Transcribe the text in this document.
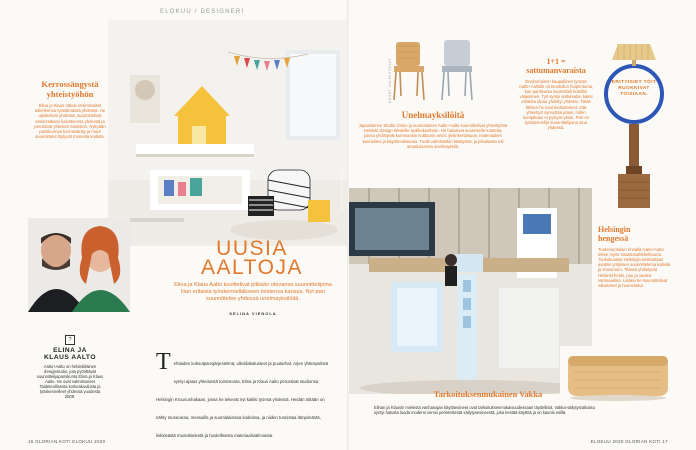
ELOKUU / DESIGNERI
Kerrossängystä
yhteistyöhön
Elina ja Klaus ottivat ensimmäiset askeleensa työelämässä yhdessä. He opiskelivat yhdessä, suunnittelivat ensimmäisen kalusteensa yhdessä ja perustivat yhteisen toimiston. Nykyään pariskunnan kerrossänky ja muut suunnittelut löytyvät monesta kodista.
KUVA JUHO KOSKI
?
ELINA JA
KLAUS AALTO
Aalto+Aalto on helsinkiläinen designstudio, jota pyörittävät suunnittelijapariskunta Elina ja Klaus Aalto. He ovat valmistuneet Taideteollisesta korkeakoulusta ja työskennelleet yhdessä vuodesta 2008.
UUSIA
AALTOJA
Elina ja Klaus Aalto kuvittelivat pitkään olevansa suunnittelijoina liian erilaisia työskennelläkseen toistensa kanssa. Nyt pari suunnittelee yhdessä unelmayksilöitä.
SELINA VIENOLA
T ehtaiden koksutpanojärjestelmä, ulkotilakalusteet ja puutarhat. Arjen yhteispelistä syntyi ajatus yhteisestä toimistosta. Elina ja Klaus Aalto perustivat studionsa Helsingin Kruununhakaan, jossa he tekevät nyt kaikki työnsä yhdessä. Heidän töitään on nähty museoissa, messuilla ja suomalaisissa kodeissa, ja niiden tunnistaa lämpimästä, leikkisästä muotokielestä ja huolellisesta materiaalivalinnasta.
16 GLORIAN KOTI ELOKUU 2020
KUVAT VALMISTAJAT
Unelmayksilöitä
Japanilainen Studio Onion ja suomalainen Aalto+Aalto suunnittelivat yhteistyönä Helsinki Design Weekille tuolikokoelman. He halusivat suunnitella tuotteita, joissa yhdistyvät kummankin kulttuurin arvot: yksinkertaisuus, materiaalien kunnioitus ja käyttömukavuus. Tuolit valmistettiin käsityönä, ja jokaisesta tuli omanlaisensa unelmayksilö.
1+1 =
sattumanvaraista
Ensimmäinen kaupallinen työnsä Aalto+Aallolle oli muotoilun huipentuma, kun pariskunta suunnitteli hotelliin valaisimen. Työ syntyi sattumalta: kaksi erilaista ideaa yhdistyi yhdeksi. Tästä lähtien he ovat tiedostaneet, että yhteistyö synnyttää jotain, mihin kumpikaan ei pystyisi yksin. Pari on työskennellyt suunnittelijoina aina yhdessä.
ERITYISIET TÖIT RUOKKIVAT TOISIAAN.
Tarkoituksenmukainen Vakka
Elinan ja Klausin mielestä vanhanajan käyttöesineet ovat tarkoituksenmukaisuudessaan täydellisiä. Vakka-säilytysratkaisu syntyi halusta luoda moderni versio perinteisestä säilytysesineestä, joka kestää käyttöä ja on kaunis esillä.
Helsingin
hengessä
Tuotemuotoilun rinnalla Aalto+Aalto tekee myös sisustusarkkitehtuuria. Toukokuussa Helsingin keskustaan avattiin yrityksen suunnittelema kahvila ja showroom. Tilassa yhdistyvät Helsinki-henki, puu ja vaalea värimaailma. Lisäksi he suunnittelivat valaisimet ja huonekalut.
ELOKUU 2020 GLORIAN KOTI 17
